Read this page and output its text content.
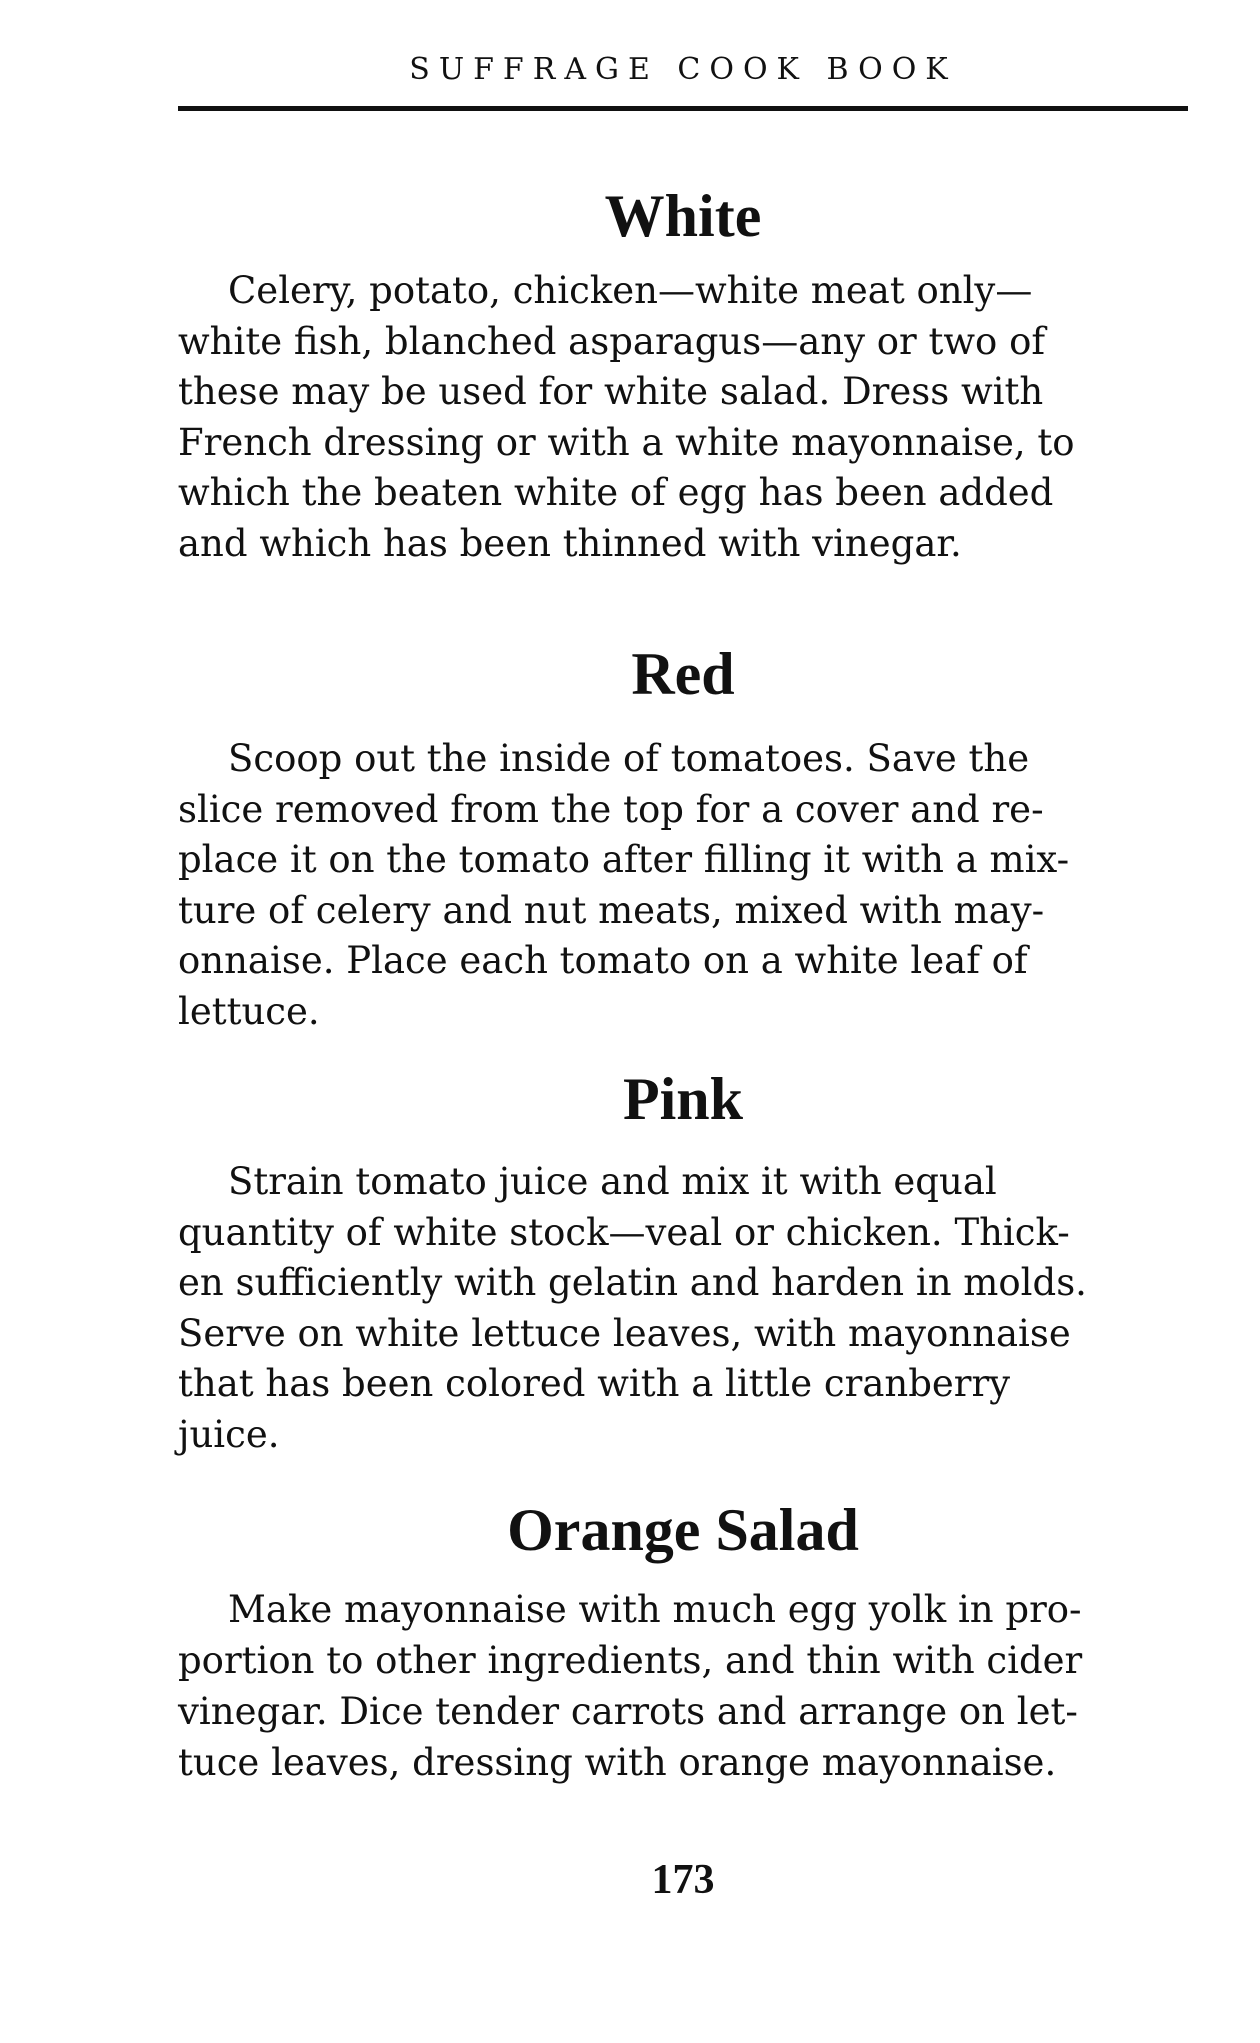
SUFFRAGE COOK BOOK
White

Celery, potato, chicken—white meat only—
white fish, blanched asparagus—any or two of
these may be used for white salad. Dress with
French dressing or with a white mayonnaise, to
which the beaten white of egg has been added
and which has been thinned with vinegar.

Red

Scoop out the inside of tomatoes. Save the
slice removed from the top for a cover and re-
place it on the tomato after filling it with a mix-
ture of celery and nut meats, mixed with may-
onnaise. Place each tomato on a white leaf of
lettuce.

Pink

Strain tomato juice and mix it with equal
quantity of white stock—veal or chicken. Thick-
en sufficiently with gelatin and harden in molds.
Serve on white lettuce leaves, with mayonnaise
that has been colored with a little cranberry
juice.

Orange Salad

Make mayonnaise with much egg yolk in pro-
portion to other ingredients, and thin with cider
vinegar. Dice tender carrots and arrange on let-
tuce leaves, dressing with orange mayonnaise.

173
